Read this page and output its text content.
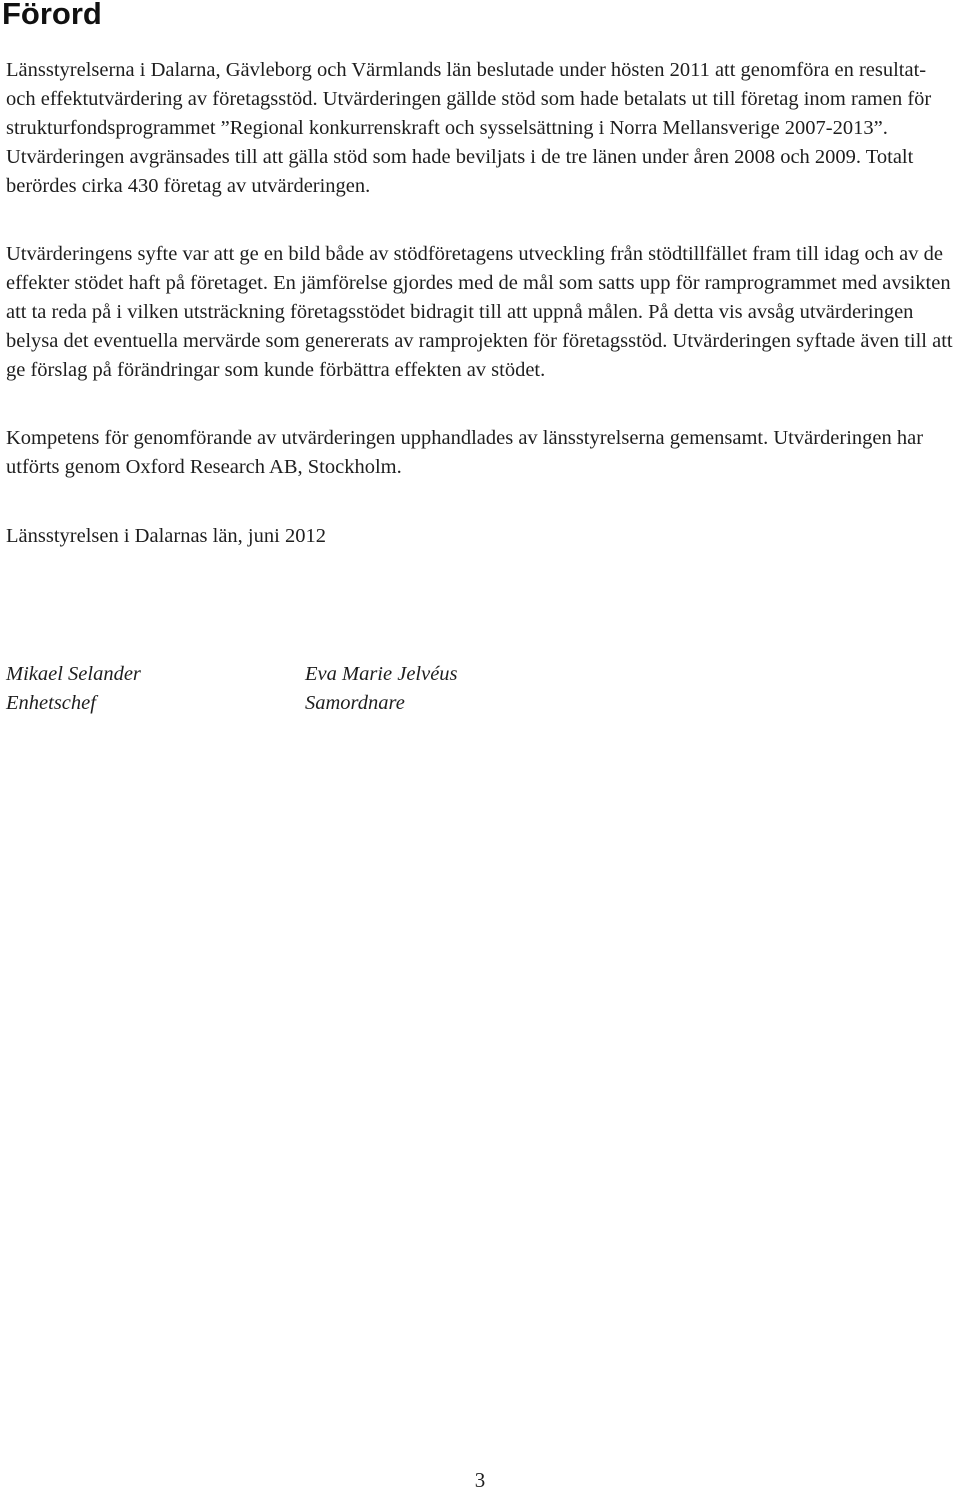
Förord

Länsstyrelserna i Dalarna, Gävleborg och Värmlands län beslutade under hösten 2011 att genomföra en resultat- och effektutvärdering av företagsstöd. Utvärderingen gällde stöd som hade betalats ut till företag inom ramen för strukturfondsprogrammet ”Regional konkurrenskraft och sysselsättning i Norra Mellansverige 2007-2013”. Utvärderingen avgränsades till att gälla stöd som hade beviljats i de tre länen under åren 2008 och 2009. Totalt berördes cirka 430 företag av utvärderingen.

Utvärderingens syfte var att ge en bild både av stödföretagens utveckling från stödtillfället fram till idag och av de effekter stödet haft på företaget. En jämförelse gjordes med de mål som satts upp för ramprogrammet med avsikten att ta reda på i vilken utsträckning företagsstödet bidragit till att uppnå målen. På detta vis avsåg utvärderingen belysa det eventuella mervärde som genererats av ramprojekten för företagsstöd. Utvärderingen syftade även till att ge förslag på förändringar som kunde förbättra effekten av stödet.

Kompetens för genomförande av utvärderingen upphandlades av länsstyrelserna gemensamt. Utvärderingen har utförts genom Oxford Research AB, Stockholm.

Länsstyrelsen i Dalarnas län, juni 2012

Mikael Selander
Enhetschef
Eva Marie Jelvéus
Samordnare
3
